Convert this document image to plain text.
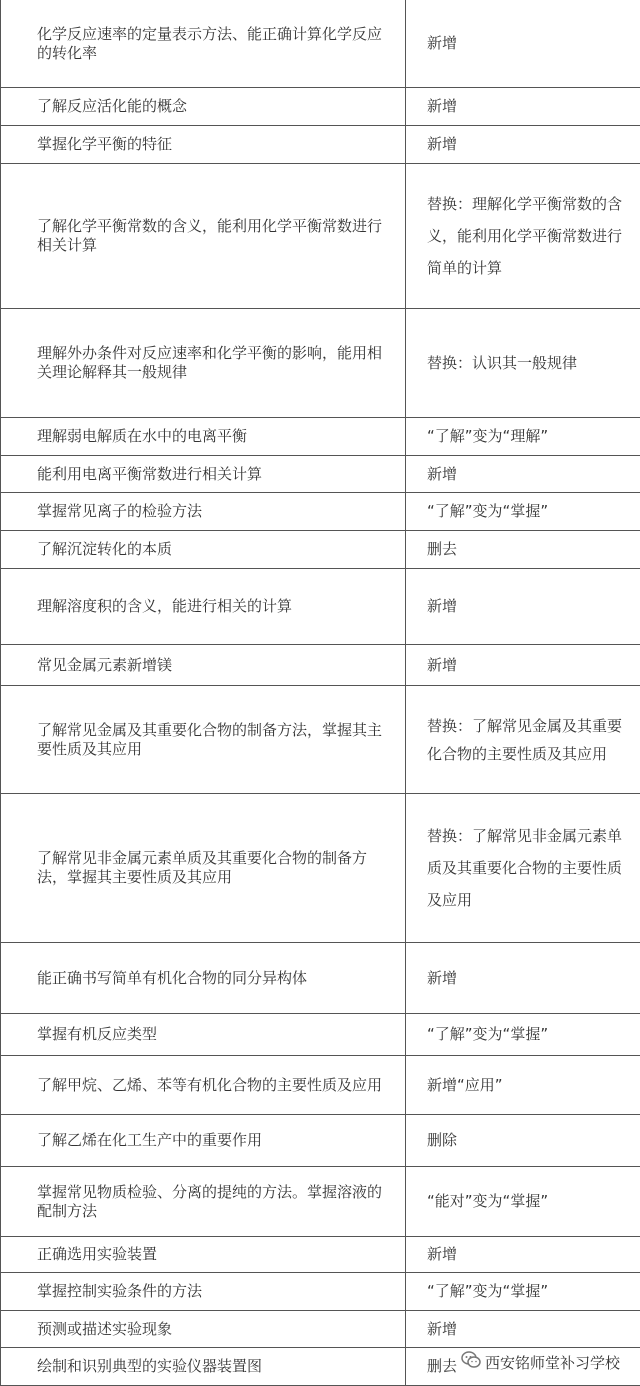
化学反应速率的定量表示方法、能正确计算化学反应的转化率	新增
了解反应活化能的概念	新增
掌握化学平衡的特征	新增
了解化学平衡常数的含义，能利用化学平衡常数进行相关计算	替换：理解化学平衡常数的含义，能利用化学平衡常数进行简单的计算
理解外办条件对反应速率和化学平衡的影响，能用相关理论解释其一般规律	替换：认识其一般规律
理解弱电解质在水中的电离平衡	“了解”变为“理解”
能利用电离平衡常数进行相关计算	新增
掌握常见离子的检验方法	“了解”变为“掌握”
了解沉淀转化的本质	删去
理解溶度积的含义，能进行相关的计算	新增
常见金属元素新增镁	新增
了解常见金属及其重要化合物的制备方法，掌握其主要性质及其应用	替换：了解常见金属及其重要化合物的主要性质及其应用
了解常见非金属元素单质及其重要化合物的制备方法，掌握其主要性质及其应用	替换：了解常见非金属元素单质及其重要化合物的主要性质及应用
能正确书写简单有机化合物的同分异构体	新增
掌握有机反应类型	“了解”变为“掌握”
了解甲烷、乙烯、苯等有机化合物的主要性质及应用	新增“应用”
了解乙烯在化工生产中的重要作用	删除
掌握常见物质检验、分离的提纯的方法。掌握溶液的配制方法	“能对”变为“掌握”
正确选用实验装置	新增
掌握控制实验条件的方法	“了解”变为“掌握”
预测或描述实验现象	新增
绘制和识别典型的实验仪器装置图	删去 西安铭师堂补习学校
